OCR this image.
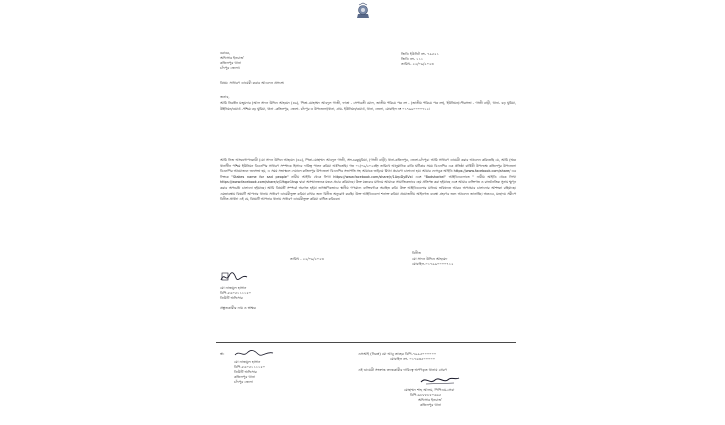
জিডি ইউনিট নং- ৭৯৫২১
জিডি নং- ১১১
তারিখ- ২২/০৯/২০২৩
বরাবর,
অফিসার ইনচার্জ
কতিলপুর থানা
চাঁদপুর জেলা।
বিষয়: সাধারণ ডায়েরী করার আবেদন প্রসঙ্গে।
জনাব,
আমি নিরঞ্জন মজুমদার (আল সাদন উদ্দিন আহমেদ (৪৬), পিতা-মোহাম্মদ আবদুল গাজী, ফাতা - সেপারতী মোল, জাতীয় পরিচয় পত্র নং - (জাতীয় পরিচয় পত্র নং), ইউনিয়ন/পৌরসভা - গাজী বাড়ী, থানা- বড় ঘুমিয়া, উইনিয়ন/ওয়ার্ড -পশ্চিম বড় ঘুমিয়া, থানা -কতিলপুর, জেলা- চাঁদপুর ও উপজেলা/থানা, গ্রাম- ইউনিয়ন/ওয়ার্ড, থানা, জেলা, মোবাইল নং ০১৭৯৯০০০০৭১২।
আমি নিজ আত্মগোপনকারী (মো সাদন উদ্দিন আহমেদ (৪৬), পিতা-মোহাম্মদ আবদুল গাজী, সাং-চরকুমুরিয়া, (গাজী বাড়ী) থানা-কতিলপুর, জেলা-চাঁদপুর। আমি সাধারণ ডায়েরী করার আবেদন করিতেছি যে, আমি (অত্র থানাধীন পশ্চিম ইউনিয়ন বিএনপির সাধারণ সম্পাদক হিসাবে দায়িত্ব পালন করিয়া আসিতেছি। গত ০১/০৯/২০২৩ইং তারিখে আনুমানিক রাত্রি ঘটিকার সময় বিএনপির এক প্রতিষ্ঠা বার্ষিকী উপলক্ষে কতিলপুর উপজেলা বিএনপির আয়োজনে জনসভা হয়, এ সময় সভাস্থলে দেয়ালে কতিলপুর উপজেলা বিএনপির সভাপতি সহ আমাকে জড়িয়ে মিথ্যা প্রচারণা চালানো হয়। আমার ফেসবুক আইডি https://www.facebook.com/share/ এর লিংকে "Stakes name for sad people" নামীয় আইডি থেকে লিখা https://www.facebook.com/share/r/1ArpDy8Vxl এবং "Badsharkel" আইডিগুলোতে " নামীয় আইডি থেকে লিখা https://www.facebook.com/share/v/19qpr1hsp দ্বারা অসম্মানজনক মন্তব্য প্রচার করিয়াছে। উক্ত মন্তব্যের মাধ্যমে আমাকে সামাজিকভাবে হেয় প্রতিপন্ন করা হইয়াছে এবং আমার ব্যক্তিগত ও রাজনৈতিক সুনাম ক্ষুণ্ন করার অপচেষ্টা চালানো হইয়াছে। আমি বিষয়টি সম্পর্কে অবগত হইয়া তাৎক্ষণিকভাবে স্থানীয় গণ্যমান্য ব্যক্তিবর্গকে অবহিত করি। উক্ত আইডিগুলোর মাধ্যমে ভবিষ্যতে আরও অপপ্রচার চালানোর আশংকা রহিয়াছে। এমতাবস্থায় বিষয়টি আপনার থানায় সাধারণ ডায়েরীভুক্ত করিয়া রাখার জন্য বিনীত অনুরোধ করছি। উক্ত আইডিগুলো শনাক্ত করিয়া প্রয়োজনীয় আইনগত ব্যবস্থা গ্রহণের জন্য আবেদন জানাচ্ছি। অতএব, মহোদয় সমীপে বিনীত প্রার্থনা এই যে, বিষয়টি আপনার থানায় সাধারণ ডায়েরীভুক্ত করিয়া বাধিত করিবেন।
তারিখ - ২২/০৯/২০২৩
বিনীত
মো সাদন উদ্দিন আহমেদ
মোবাইল-০১৭৯৯০০০০৭১২
মো নাজমুল হাসান
বিপি-৮৬০৫১১১১৫০
ডিউটি অফিসার
প্রস্তুতকারীর নাম ও স্বাক্ষর
স্বা:
মো নাজমুল হাসান
বিপি-৮৬০৫১১১১৫০
ডিউটি অফিসার
কতিলপুর থানা
চাঁদপুর জেলা
এসআই (নিরস্ত্র) মো আবু তাহের বিপি-৭৯৯৫০০০০০০
মোবাইল নং- ০১৭৬৩৫০০০০০
এই ডায়েরী সংক্রান্ত তদন্তকারীর দায়িত্বে অর্পণকৃত থানায় প্রেরণ
মোহাম্মদ শাহ আলম, পিপিএম-সেবা
বিপি-৬৮৮৮৮৫০৬৬৫
অফিসার ইনচার্জ
কতিলপুর থানা
